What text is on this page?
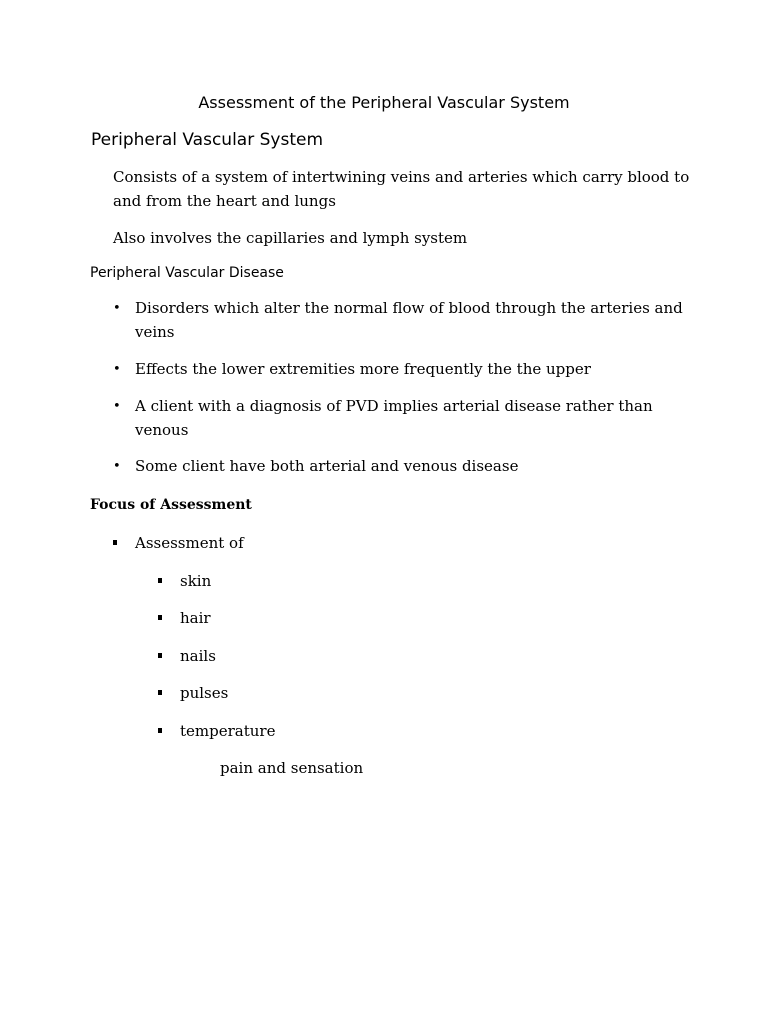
Assessment of the Peripheral Vascular System
Peripheral Vascular System

Consists of a system of intertwining veins and arteries which carry blood to and from the heart and lungs

Also involves the capillaries and lymph system

Peripheral Vascular Disease
• Disorders which alter the normal flow of blood through the arteries and veins
• Effects the lower extremities more frequently the the upper
• A client with a diagnosis of PVD implies arterial disease rather than venous
• Some client have both arterial and venous disease
Focus of Assessment
Assessment of
skin
hair
nails
pulses
temperature
pain and sensation
